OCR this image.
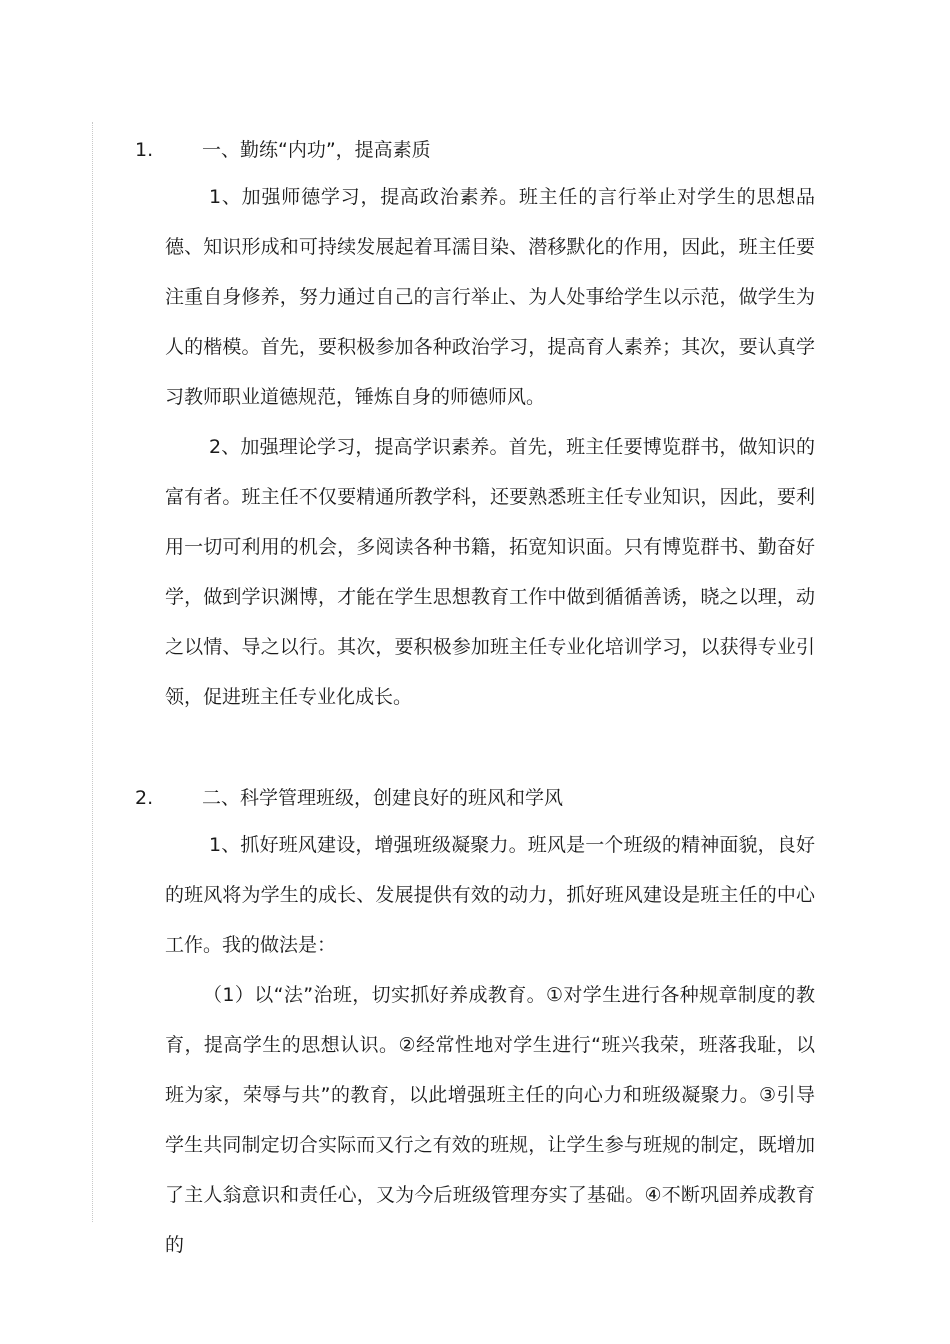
1.	一、勤练“内功”，提高素质

1、加强师德学习，提高政治素养。班主任的言行举止对学生的思想品德、知识形成和可持续发展起着耳濡目染、潜移默化的作用，因此，班主任要注重自身修养，努力通过自己的言行举止、为人处事给学生以示范，做学生为人的楷模。首先，要积极参加各种政治学习，提高育人素养；其次，要认真学习教师职业道德规范，锤炼自身的师德师风。

2、加强理论学习，提高学识素养。首先，班主任要博览群书，做知识的富有者。班主任不仅要精通所教学科，还要熟悉班主任专业知识，因此，要利用一切可利用的机会，多阅读各种书籍，拓宽知识面。只有博览群书、勤奋好学，做到学识渊博，才能在学生思想教育工作中做到循循善诱，晓之以理，动之以情、导之以行。其次，要积极参加班主任专业化培训学习，以获得专业引领，促进班主任专业化成长。

2.	二、科学管理班级，创建良好的班风和学风

1、抓好班风建设，增强班级凝聚力。班风是一个班级的精神面貌，良好的班风将为学生的成长、发展提供有效的动力，抓好班风建设是班主任的中心工作。我的做法是：

（1）以“法”治班，切实抓好养成教育。①对学生进行各种规章制度的教育，提高学生的思想认识。②经常性地对学生进行“班兴我荣，班落我耻，以班为家，荣辱与共”的教育，以此增强班主任的向心力和班级凝聚力。③引导学生共同制定切合实际而又行之有效的班规，让学生参与班规的制定，既增加了主人翁意识和责任心，又为今后班级管理夯实了基础。④不断巩固养成教育的
